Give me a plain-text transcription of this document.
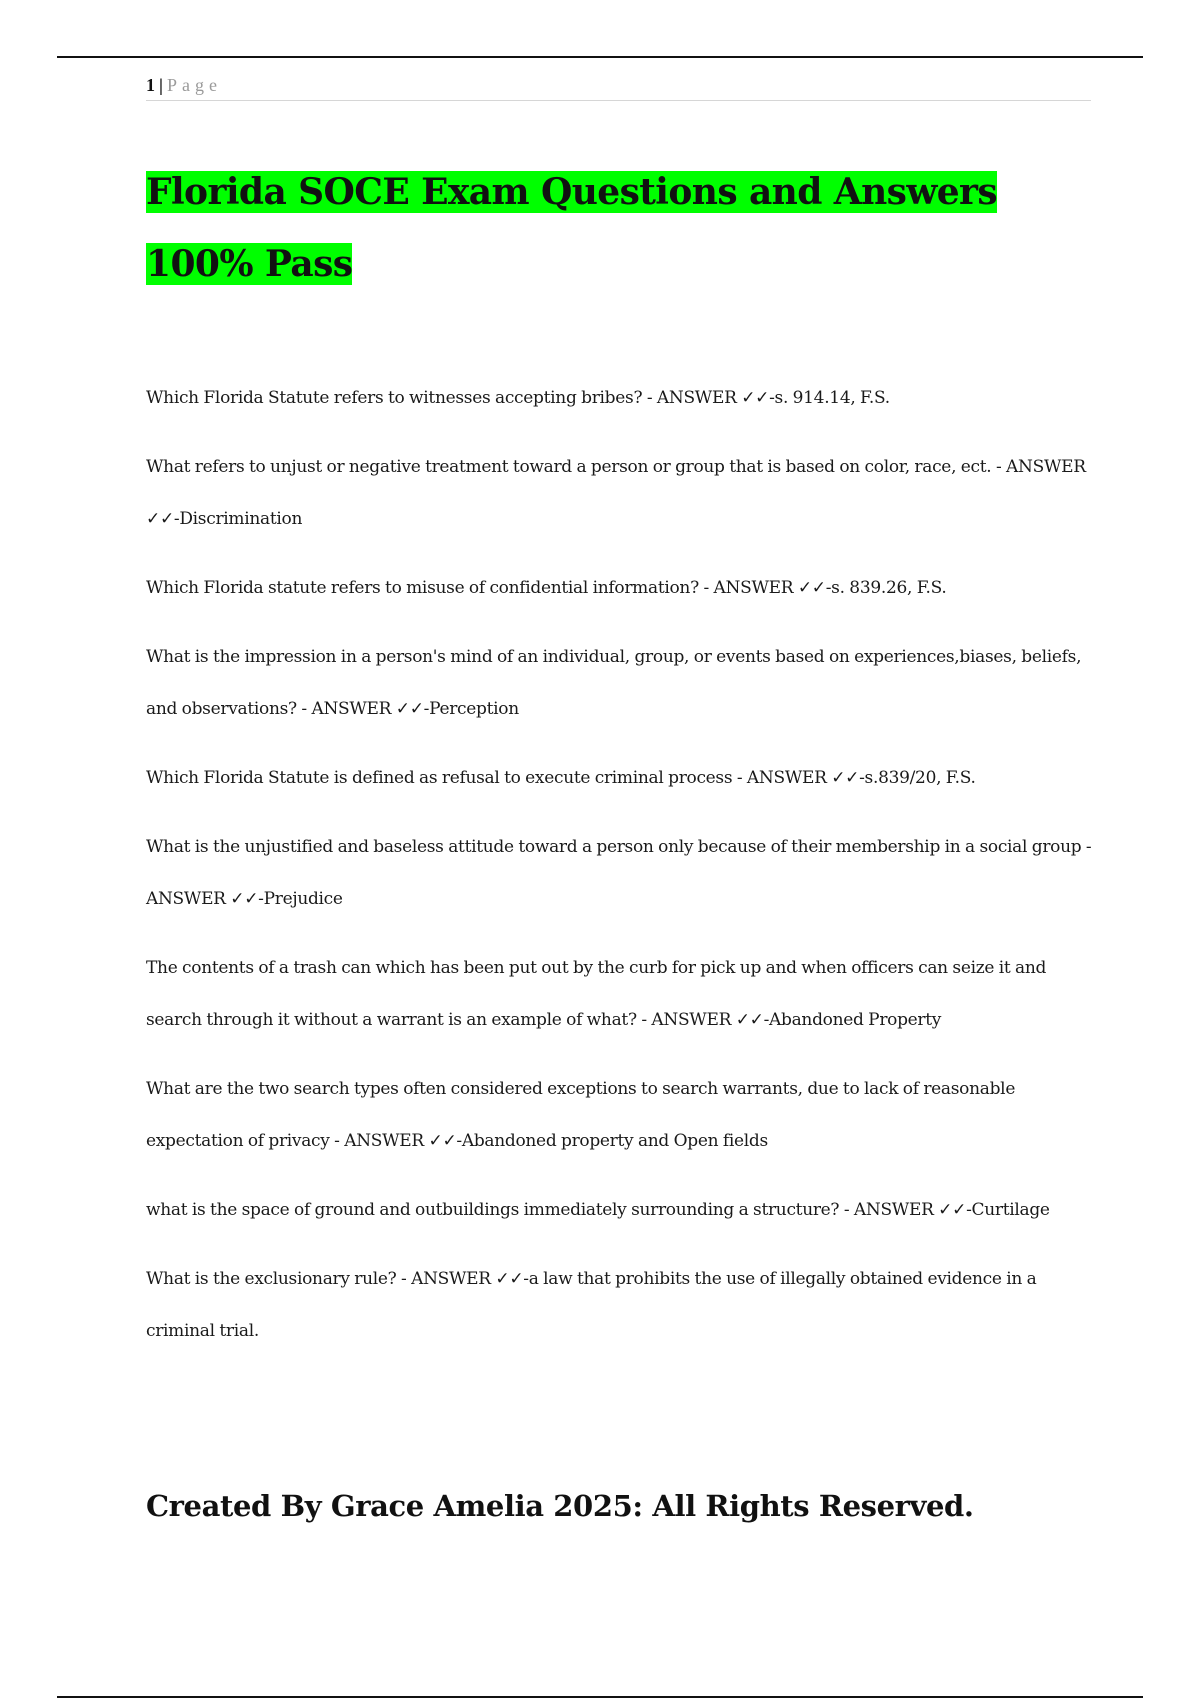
1 | Page
Florida SOCE Exam Questions and Answers 100% Pass

Which Florida Statute refers to witnesses accepting bribes? - ANSWER ✓✓-s. 914.14, F.S.

What refers to unjust or negative treatment toward a person or group that is based on color, race, ect. - ANSWER ✓✓-Discrimination

Which Florida statute refers to misuse of confidential information? - ANSWER ✓✓-s. 839.26, F.S.

What is the impression in a person's mind of an individual, group, or events based on experiences,biases, beliefs, and observations? - ANSWER ✓✓-Perception

Which Florida Statute is defined as refusal to execute criminal process - ANSWER ✓✓-s.839/20, F.S.

What is the unjustified and baseless attitude toward a person only because of their membership in a social group - ANSWER ✓✓-Prejudice

The contents of a trash can which has been put out by the curb for pick up and when officers can seize it and search through it without a warrant is an example of what? - ANSWER ✓✓-Abandoned Property

What are the two search types often considered exceptions to search warrants, due to lack of reasonable expectation of privacy - ANSWER ✓✓-Abandoned property and Open fields

what is the space of ground and outbuildings immediately surrounding a structure? - ANSWER ✓✓-Curtilage

What is the exclusionary rule? - ANSWER ✓✓-a law that prohibits the use of illegally obtained evidence in a criminal trial.

Created By Grace Amelia 2025: All Rights Reserved.
